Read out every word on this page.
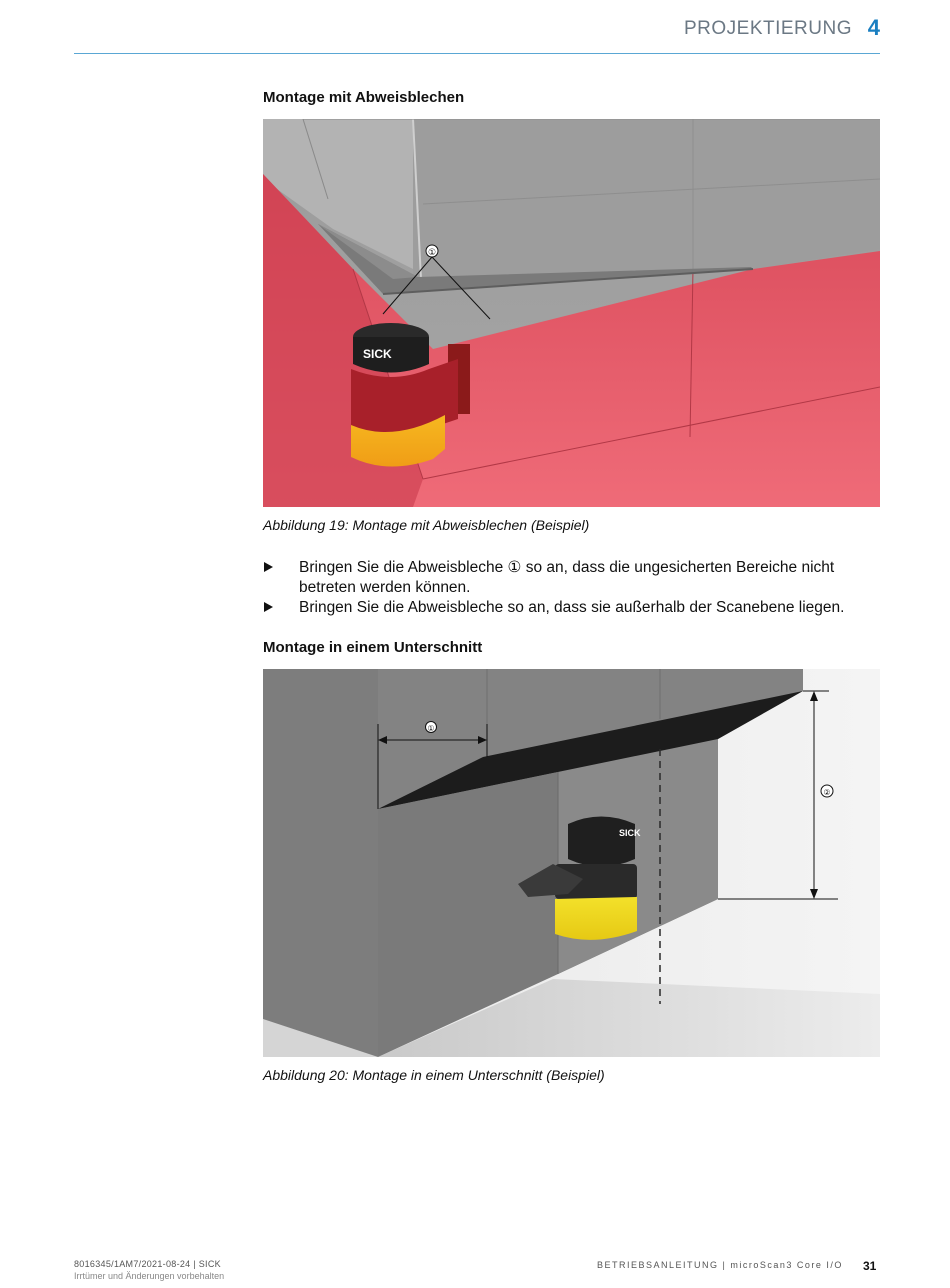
PROJEKTIERUNG 4
Montage mit Abweisblechen
SICK
①
Abbildung 19: Montage mit Abweisblechen (Beispiel)
Bringen Sie die Abweisbleche ① so an, dass die ungesicherten Bereiche nicht betreten werden können.
Bringen Sie die Abweisbleche so an, dass sie außerhalb der Scanebene liegen.
Montage in einem Unterschnitt
SICK
①
②
Abbildung 20: Montage in einem Unterschnitt (Beispiel)
8016345/1AM7/2021-08-24 | SICK
Irrtümer und Änderungen vorbehalten
BETRIEBSANLEITUNG | microScan3 Core I/O 31
